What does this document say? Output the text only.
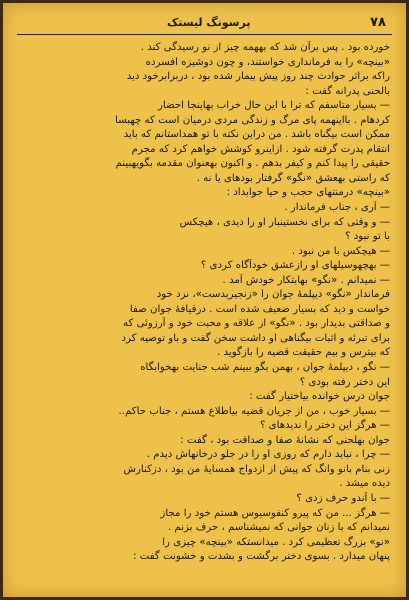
۷۸
پرسونگ لیستک
خورده بود . پس برآن شد که بههمه چیز از نو رسیدگی کند .
«بینچه» را به فرمانداری خواستند، و چون دوشیزه افسرده
راکه براثر حوادث چند روز پیش بیمار شده بود ، دربرابرخود دید
بالحنی پدرانه گفت :
— بسیار متاسفم که ترا با این حال خراب بهاینجا احضار
کردهام . بااینهمه پای مرگ و زندگی مردی درمیان است که چهبسا
ممکن است بیگناه باشد . من دراین نکته با تو همداستانم که باید
انتقام پدرت گرفته شود . ازاینرو کوشش خواهم کرد که مجرم
حقیقی را پیدا کنم و کیفر بدهم . و اکنون بهعنوان مقدمه بگویهبینم
که راستی بهعشق «نگو» گرفتار بودهای یا نه .
«بینچه» درمنتهای حجب و حیا جوابداد :
— آری ، جناب فرماندار .
— و وقتی که برای نخستینبار او را دیدی ، هیچکس
با تو نبود ؟
— هیچکس با من نبود .
— بهچهوسیلهای او رازعشق خودآگاه کردی ؟
— نمیدانم . «نگو» بهابتکار خودش آمد .
فرماندار «نگو» دیپلمهٔ جوان را «زنجیربدست»، نزد خود
خواست و دید که بسیار ضعیف شده است . درقیافهٔ جوان صفا
و صداقتی بدیدار بود . «نگو» از علاقه و محبت خود و آرزوئی که
برای تبرئه و اثبات بیگناهی او داشت سخن گفت و باو توصیه کرد
که بیترس و بیم حقیقت قضیه را بازگوید .
— نگو ، دیپلمهٔ جوان ، بهمن بگو ببینم شب جنایت بهخوابگاه
این دختر رفته بودی ؟
جوان درس خوانده بیاختیار گفت :
— بسیار خوب ، من از جریان قضیه بیاطلاع هستم ، جناب حاکم..
— هرگز این دختر را ندیدهای ؟
جوان بهلحنی که نشانهٔ صفا و صداقت بود ، گفت :
— چرا ، نباید دارم که روزی او را در جلو درخانهاش دیدم .
زنی بنام بانو وانگ که پیش از ازدواج همسایهٔ من بود ، دزکنارش
دیده میشد .
— با آندو حرف زدی ؟
— هرگز ... من که پیرو کنفوسیوس هستم خود را مجاز
نمیدانم که با زنان جوانی که نمیشناسم ، حرف بزنم .
«نو» بزرگ تعظیمی کرد . میدانستکه «بینچه» چیزی را
پنهان میدارد . بسوی دختر برگشت و بشدت و خشونت گفت :
